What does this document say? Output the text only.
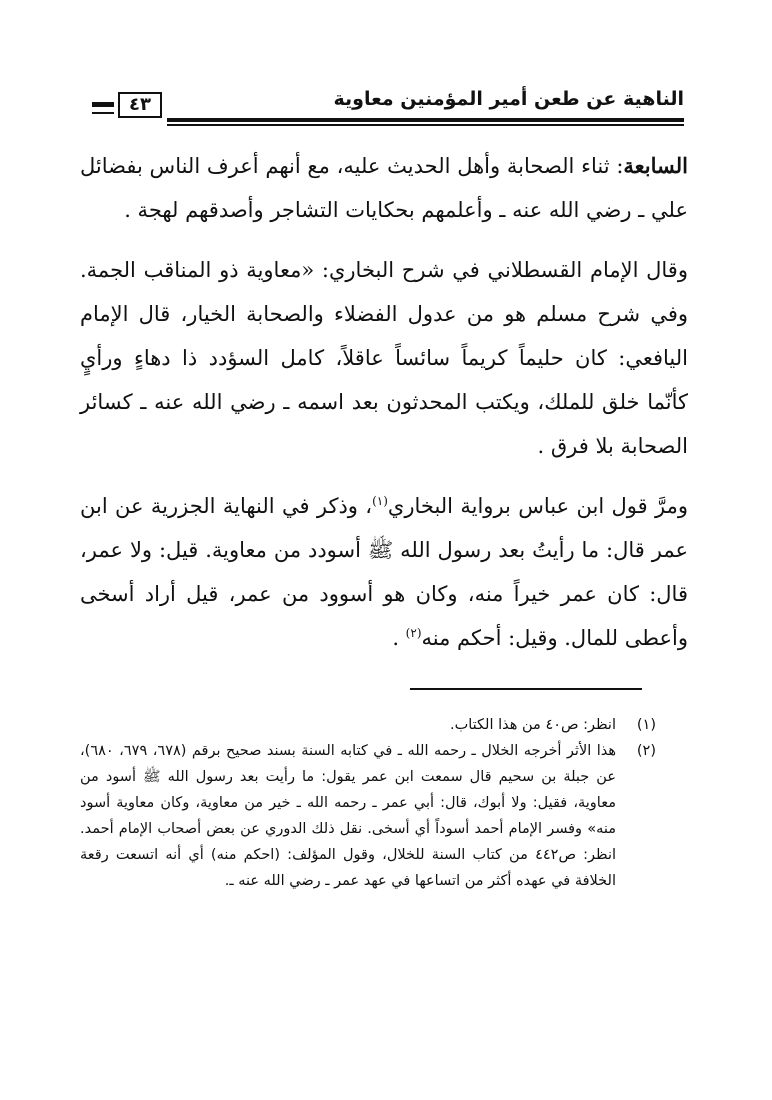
الناهية عن طعن أمير المؤمنين معاوية
٤٣

السابعة: ثناء الصحابة وأهل الحديث عليه، مع أنهم أعرف الناس بفضائل علي ـ رضي الله عنه ـ وأعلمهم بحكايات التشاجر وأصدقهم لهجة .

وقال الإمام القسطلاني في شرح البخاري: «معاوية ذو المناقب الجمة. وفي شرح مسلم هو من عدول الفضلاء والصحابة الخيار، قال الإمام اليافعي: كان حليماً كريماً سائساً عاقلاً، كامل السؤدد ذا دهاءٍ ورأيٍ كأنّما خلق للملك، ويكتب المحدثون بعد اسمه ـ رضي الله عنه ـ كسائر الصحابة بلا فرق .

ومرَّ قول ابن عباس برواية البخاري$^{(١)}$، وذكر في النهاية الجزرية عن ابن عمر قال: ما رأيتُ بعد رسول الله ﷺ أسودد من معاوية. قيل: ولا عمر، قال: كان عمر خيراً منه، وكان هو أسوود من عمر، قيل أراد أسخى وأعطى للمال. وقيل: أحكم منه$^{(٢)}$ .

(١)
انظر: ص٤٠ من هذا الكتاب.
(٢)
هذا الأثر أخرجه الخلال ـ رحمه الله ـ في كتابه السنة بسند صحيح برقم (٦٧٨، ٦٧٩، ٦٨٠)، عن جبلة بن سحيم قال سمعت ابن عمر يقول: ما رأيت بعد رسول الله ﷺ أسود من معاوية، فقيل: ولا أبوك، قال: أبي عمر ـ رحمه الله ـ خير من معاوية، وكان معاوية أسود منه» وفسر الإمام أحمد أسوداً أي أسخى. نقل ذلك الدوري عن بعض أصحاب الإمام أحمد. انظر: ص٤٤٢ من كتاب السنة للخلال، وقول المؤلف: (احكم منه) أي أنه اتسعت رقعة الخلافة في عهده أكثر من اتساعها في عهد عمر ـ رضي الله عنه ـ.
